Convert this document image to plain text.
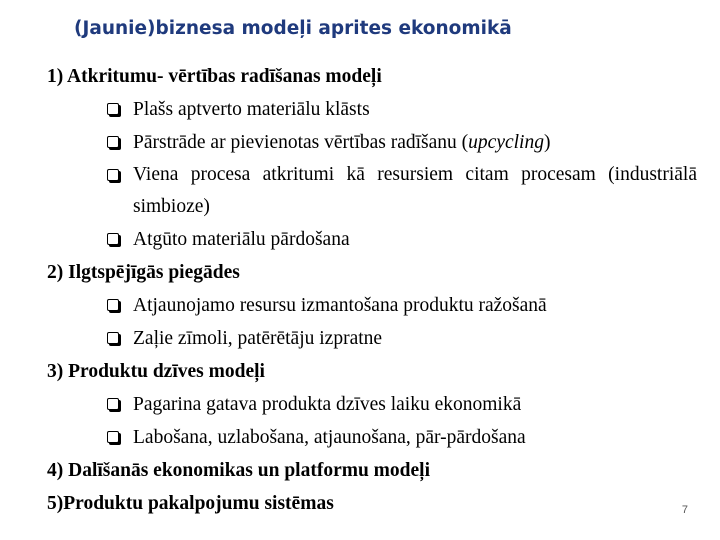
(Jaunie)biznesa modeļi aprites ekonomikā
1) Atkritumu- vērtības radīšanas modeļi
Plašs aptverto materiālu klāsts
Pārstrāde ar pievienotas vērtības radīšanu (upcycling)
Viena procesa atkritumi kā resursiem citam procesam (industriālā simbioze)
Atgūto materiālu pārdošana
2) Ilgtspējīgās piegādes
Atjaunojamo resursu izmantošana produktu ražošanā
Zaļie zīmoli, patērētāju izpratne
3) Produktu dzīves modeļi
Pagarina gatava produkta dzīves laiku ekonomikā
Labošana, uzlabošana, atjaunošana, pār-pārdošana
4) Dalīšanās ekonomikas un platformu modeļi
5)Produktu pakalpojumu sistēmas	7
